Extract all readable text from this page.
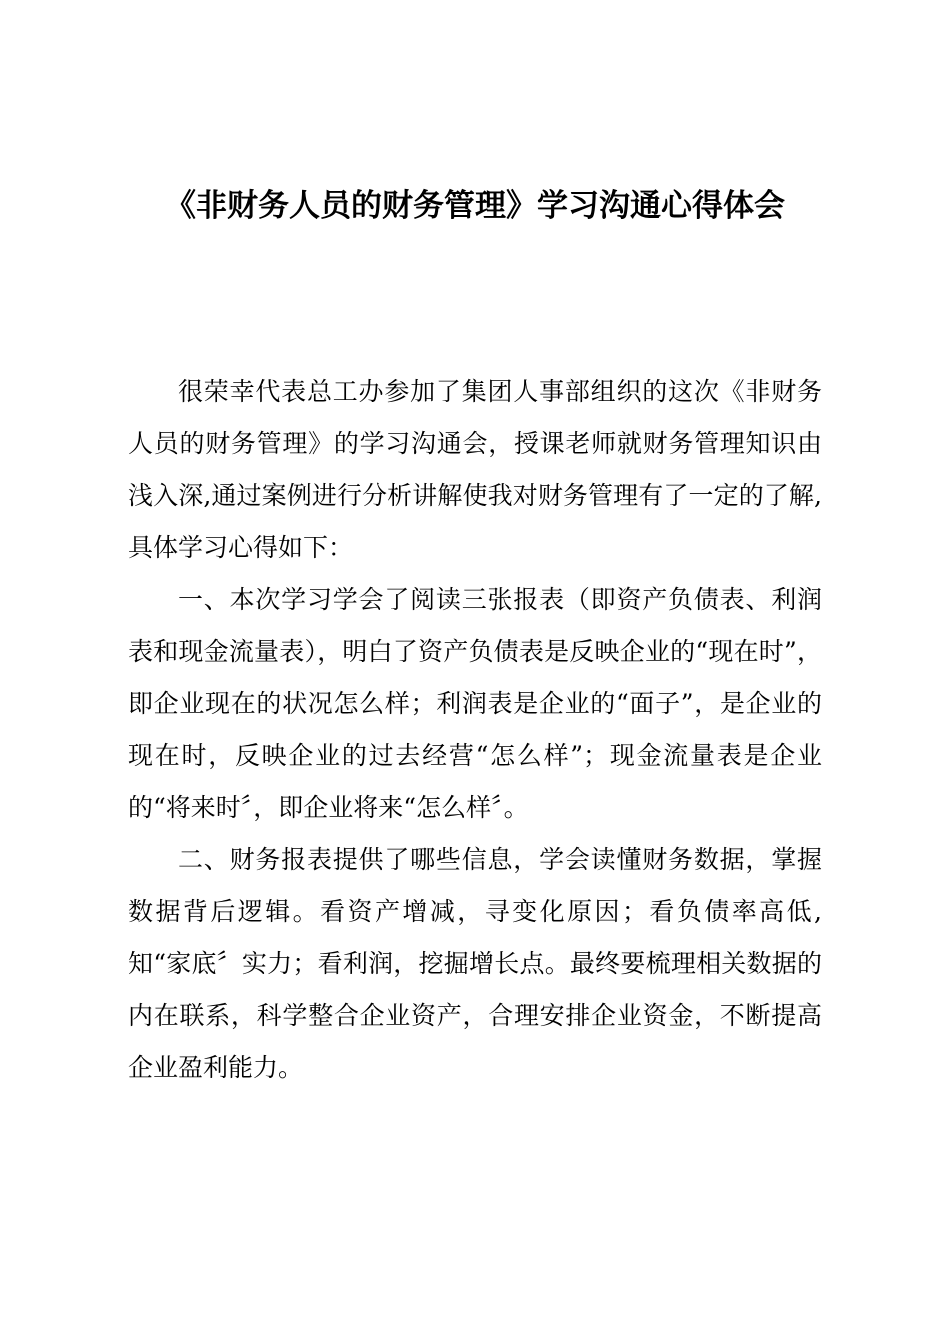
《非财务人员的财务管理》学习沟通心得体会

很荣幸代表总工办参加了集团人事部组织的这次《非财务人员的财务管理》的学习沟通会，授课老师就财务管理知识由浅入深,通过案例进行分析讲解使我对财务管理有了一定的了解,具体学习心得如下：

一、本次学习学会了阅读三张报表（即资产负债表、利润表和现金流量表），明白了资产负债表是反映企业的“现在时”，即企业现在的状况怎么样；利润表是企业的“面子”，是企业的现在时，反映企业的过去经营“怎么样”；现金流量表是企业的“将来时〞，即企业将来“怎么样〞。

二、财务报表提供了哪些信息，学会读懂财务数据，掌握数据背后逻辑。看资产增减，寻变化原因；看负债率高低,知“家底〞实力；看利润，挖掘增长点。最终要梳理相关数据的内在联系，科学整合企业资产，合理安排企业资金，不断提高企业盈利能力。
